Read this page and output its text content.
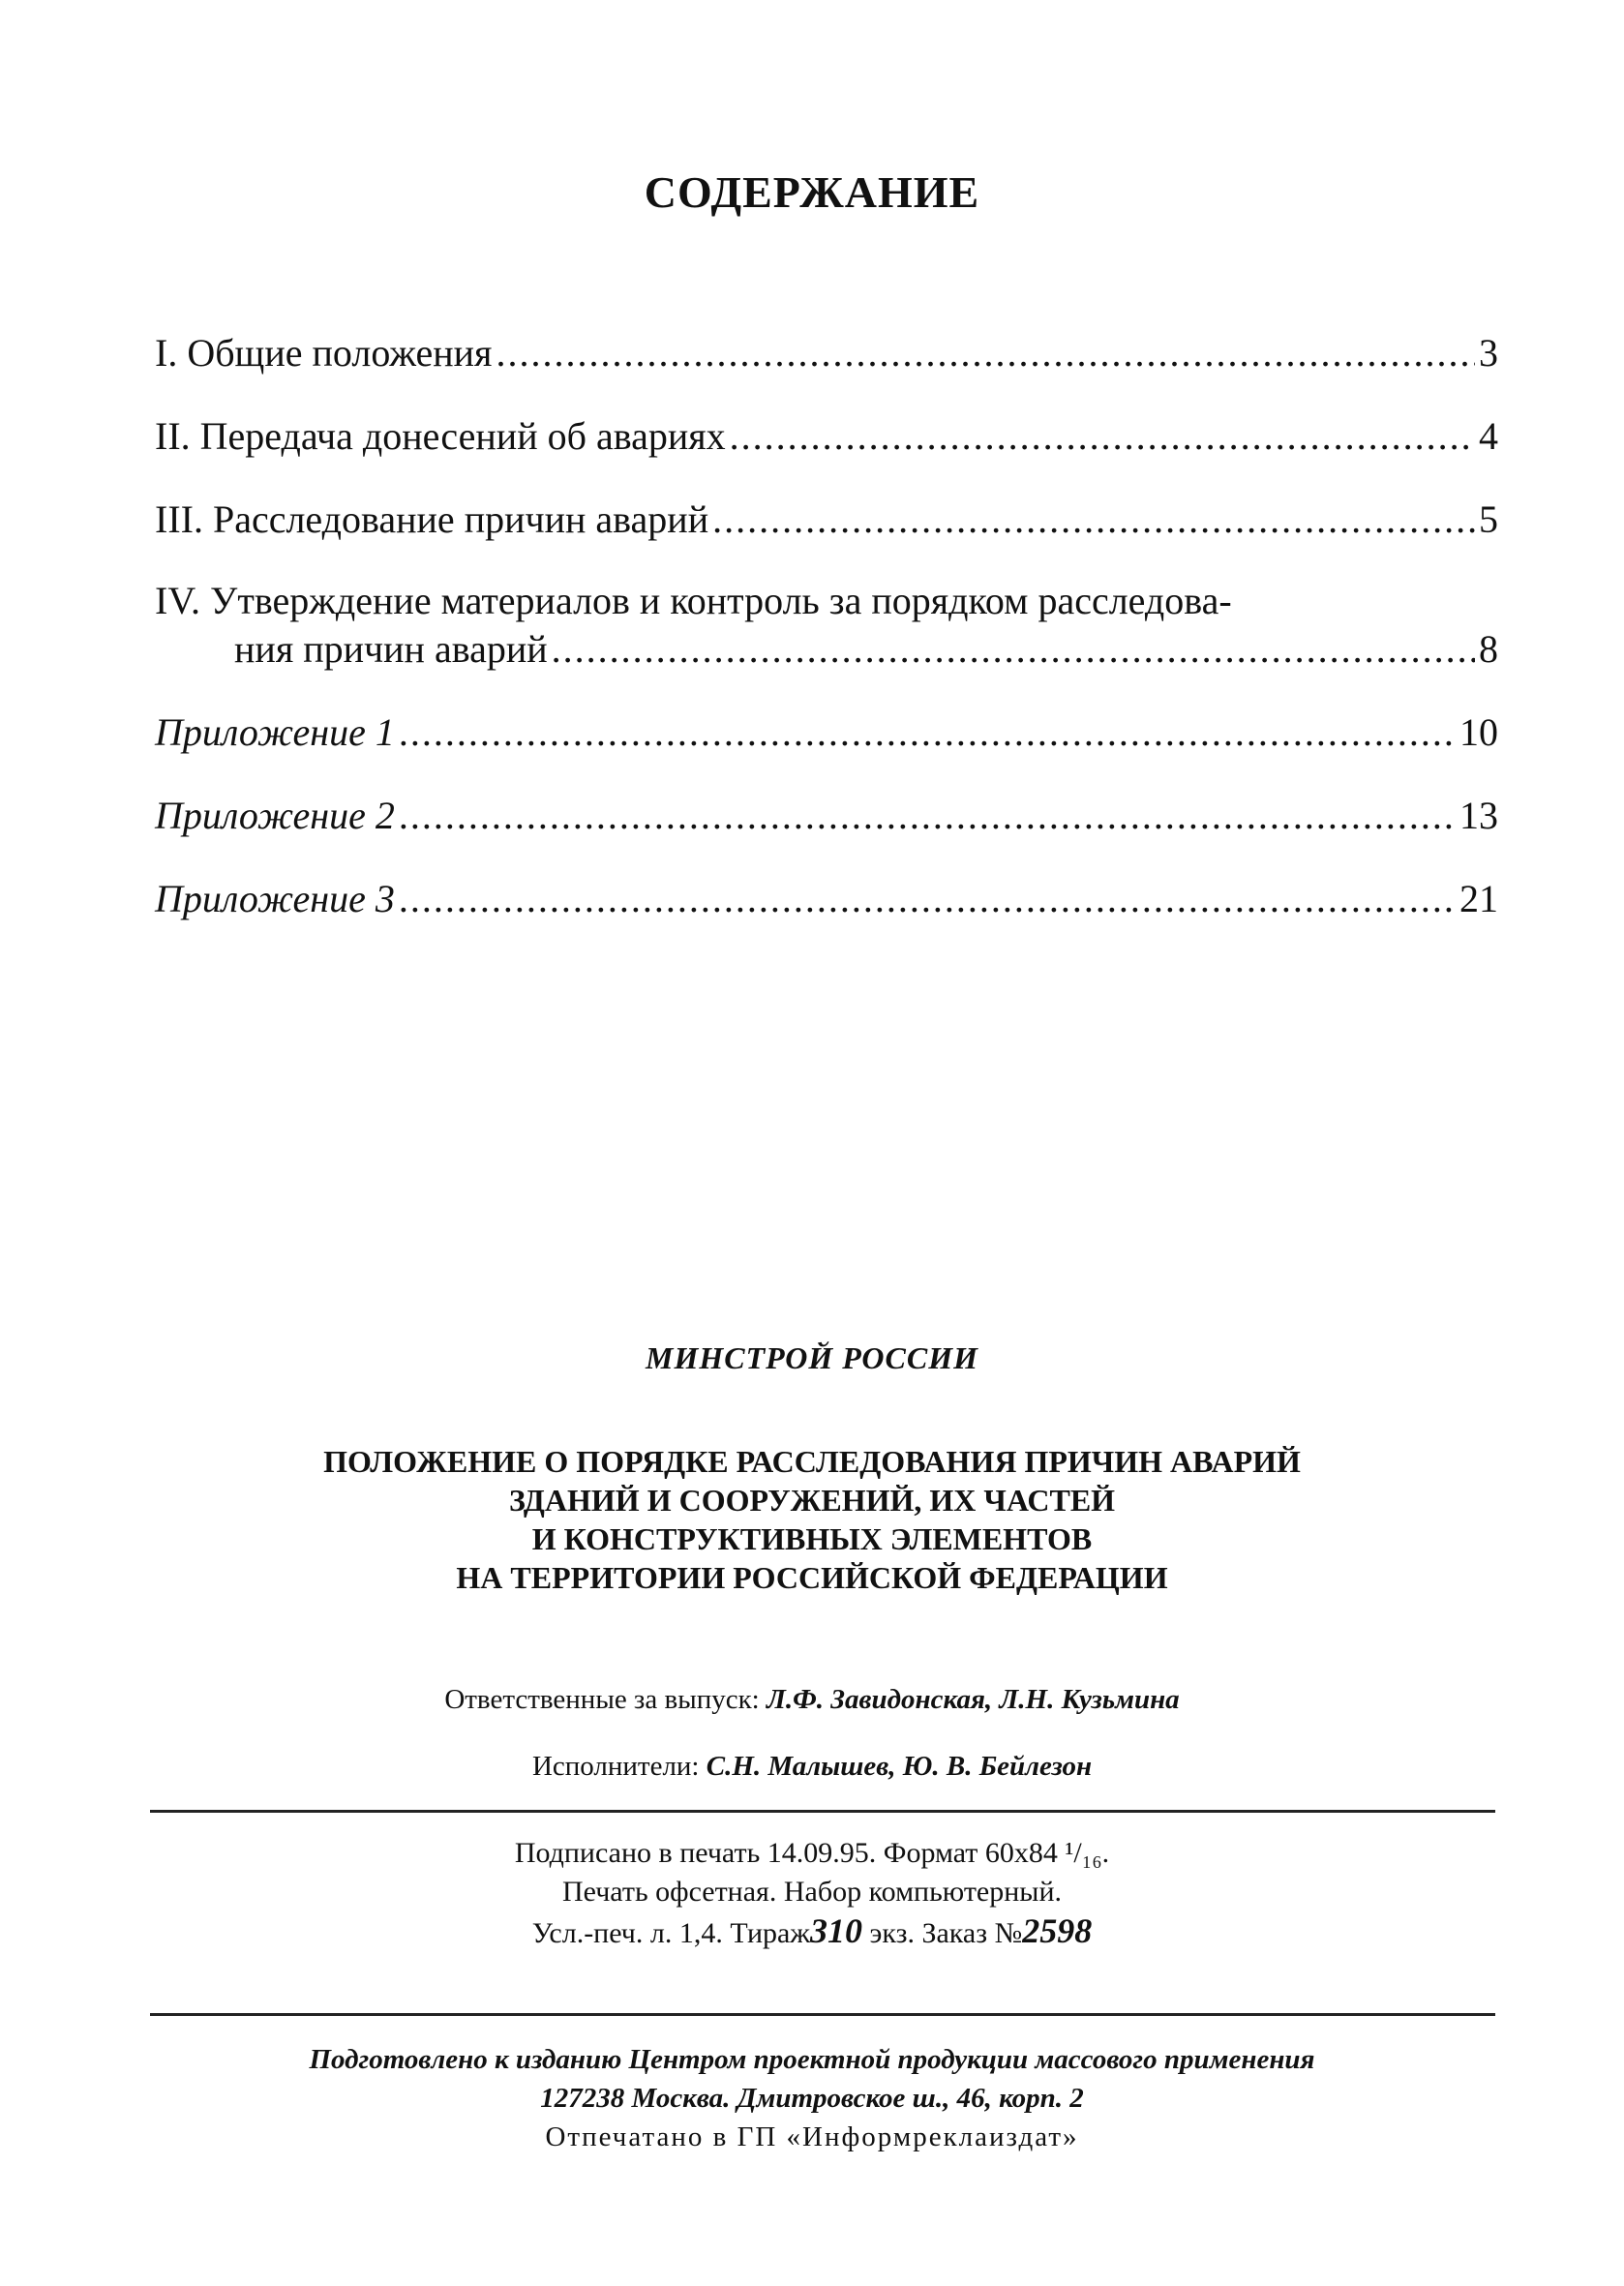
СОДЕРЖАНИЕ
I. Общие положения .....	3
II. Передача донесений об авариях .....	4
III. Расследование причин аварий .....	5
IV. Утверждение материалов и контроль за порядком расследова-
ния причин аварий .....	8
Приложение 1 .....	10
Приложение 2 .....	13
Приложение 3 .....	21
МИНСТРОЙ РОССИИ
ПОЛОЖЕНИЕ О ПОРЯДКЕ РАССЛЕДОВАНИЯ ПРИЧИН АВАРИЙ
ЗДАНИЙ И СООРУЖЕНИЙ, ИХ ЧАСТЕЙ
И КОНСТРУКТИВНЫХ ЭЛЕМЕНТОВ
НА ТЕРРИТОРИИ РОССИЙСКОЙ ФЕДЕРАЦИИ
Ответственные за выпуск: Л.Ф. Завидонская, Л.Н. Кузьмина
Исполнители: С.Н. Малышев, Ю. В. Бейлезон
Подписано в печать 14.09.95. Формат 60x84 ¹/₁₆.
Печать офсетная. Набор компьютерный.
Усл.-печ. л. 1,4. Тираж310 экз. Заказ №2598
Подготовлено к изданию Центром проектной продукции массового применения
127238 Москва. Дмитровское ш., 46, корп. 2
Отпечатано в ГП «Информреклаиздат»
